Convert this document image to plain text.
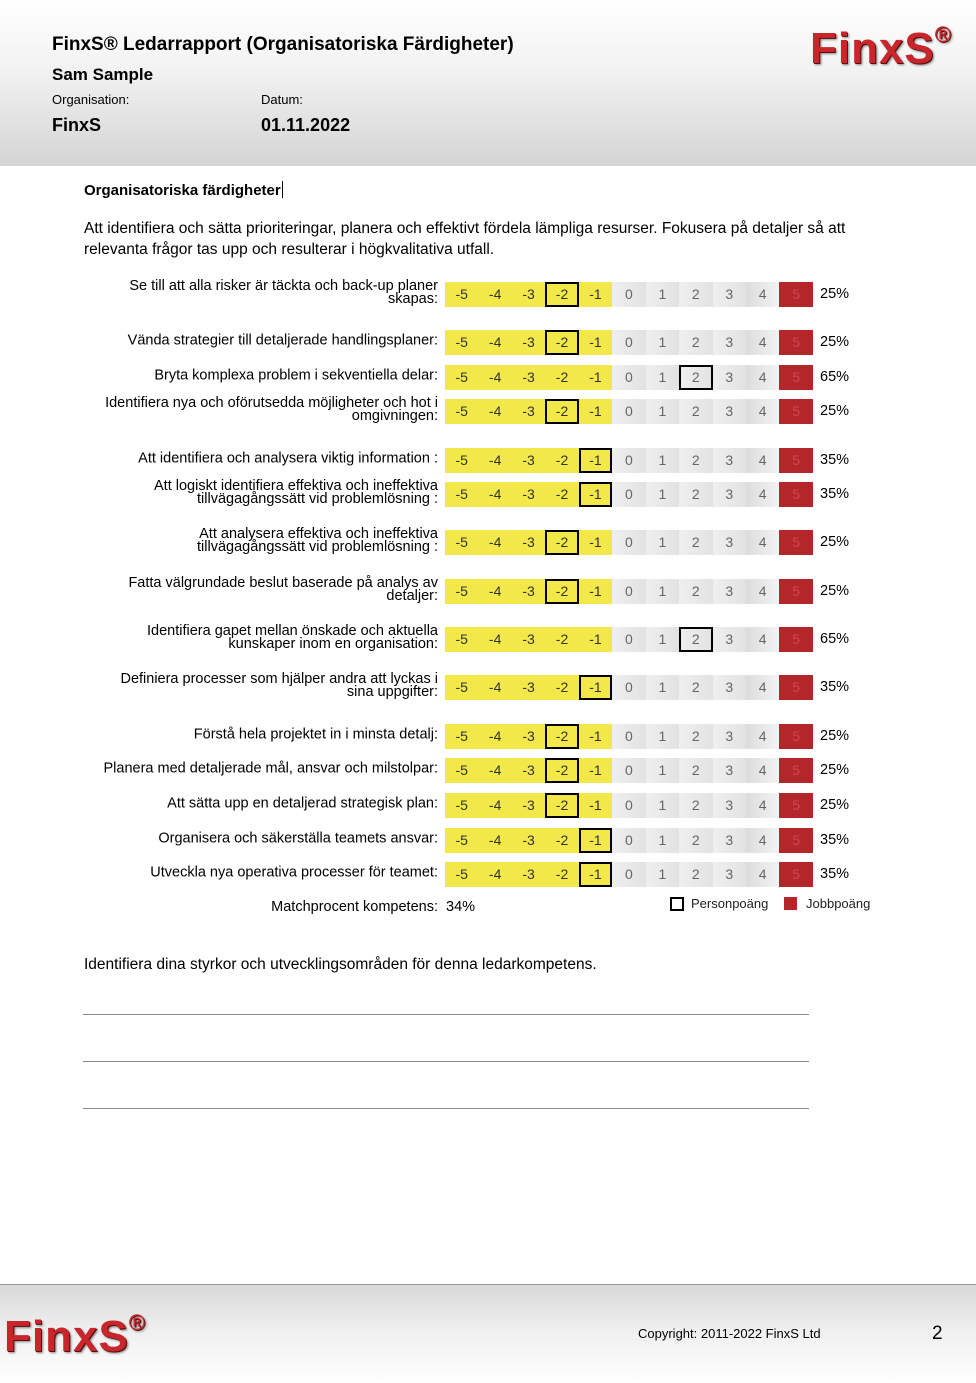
FinxS® Ledarrapport (Organisatoriska Färdigheter)
Sam Sample
Organisation:	Datum:
FinxS	01.11.2022
FinxS®
Organisatoriska färdigheter
Att identifiera och sätta prioriteringar, planera och effektivt fördela lämpliga resurser. Fokusera på detaljer så att relevanta frågor tas upp och resulterar i högkvalitativa utfall.
Se till att alla risker är täckta och back-up planer
skapas:	-5	-4	-3	-2	-1	0	1	2	3	4	5	25%
Vända strategier till detaljerade handlingsplaner:	-5	-4	-3	-2	-1	0	1	2	3	4	5	25%
Bryta komplexa problem i sekventiella delar:	-5	-4	-3	-2	-1	0	1	2	3	4	5	65%
Identifiera nya och oförutsedda möjligheter och hot i
omgivningen:	-5	-4	-3	-2	-1	0	1	2	3	4	5	25%
Att identifiera och analysera viktig information :	-5	-4	-3	-2	-1	0	1	2	3	4	5	35%
Att logiskt identifiera effektiva och ineffektiva
tillvägagångssätt vid problemlösning :	-5	-4	-3	-2	-1	0	1	2	3	4	5	35%
Att analysera effektiva och ineffektiva
tillvägagångssätt vid problemlösning :	-5	-4	-3	-2	-1	0	1	2	3	4	5	25%
Fatta välgrundade beslut baserade på analys av
detaljer:	-5	-4	-3	-2	-1	0	1	2	3	4	5	25%
Identifiera gapet mellan önskade och aktuella
kunskaper inom en organisation:	-5	-4	-3	-2	-1	0	1	2	3	4	5	65%
Definiera processer som hjälper andra att lyckas i
sina uppgifter:	-5	-4	-3	-2	-1	0	1	2	3	4	5	35%
Förstå hela projektet in i minsta detalj:	-5	-4	-3	-2	-1	0	1	2	3	4	5	25%
Planera med detaljerade mål, ansvar och milstolpar:	-5	-4	-3	-2	-1	0	1	2	3	4	5	25%
Att sätta upp en detaljerad strategisk plan:	-5	-4	-3	-2	-1	0	1	2	3	4	5	25%
Organisera och säkerställa teamets ansvar:	-5	-4	-3	-2	-1	0	1	2	3	4	5	35%
Utveckla nya operativa processer för teamet:	-5	-4	-3	-2	-1	0	1	2	3	4	5	35%
Matchprocent kompetens: 34%	Personpoäng	Jobbpoäng
Identifiera dina styrkor och utvecklingsområden för denna ledarkompetens.
FinxS®	Copyright: 2011-2022 FinxS Ltd	2
